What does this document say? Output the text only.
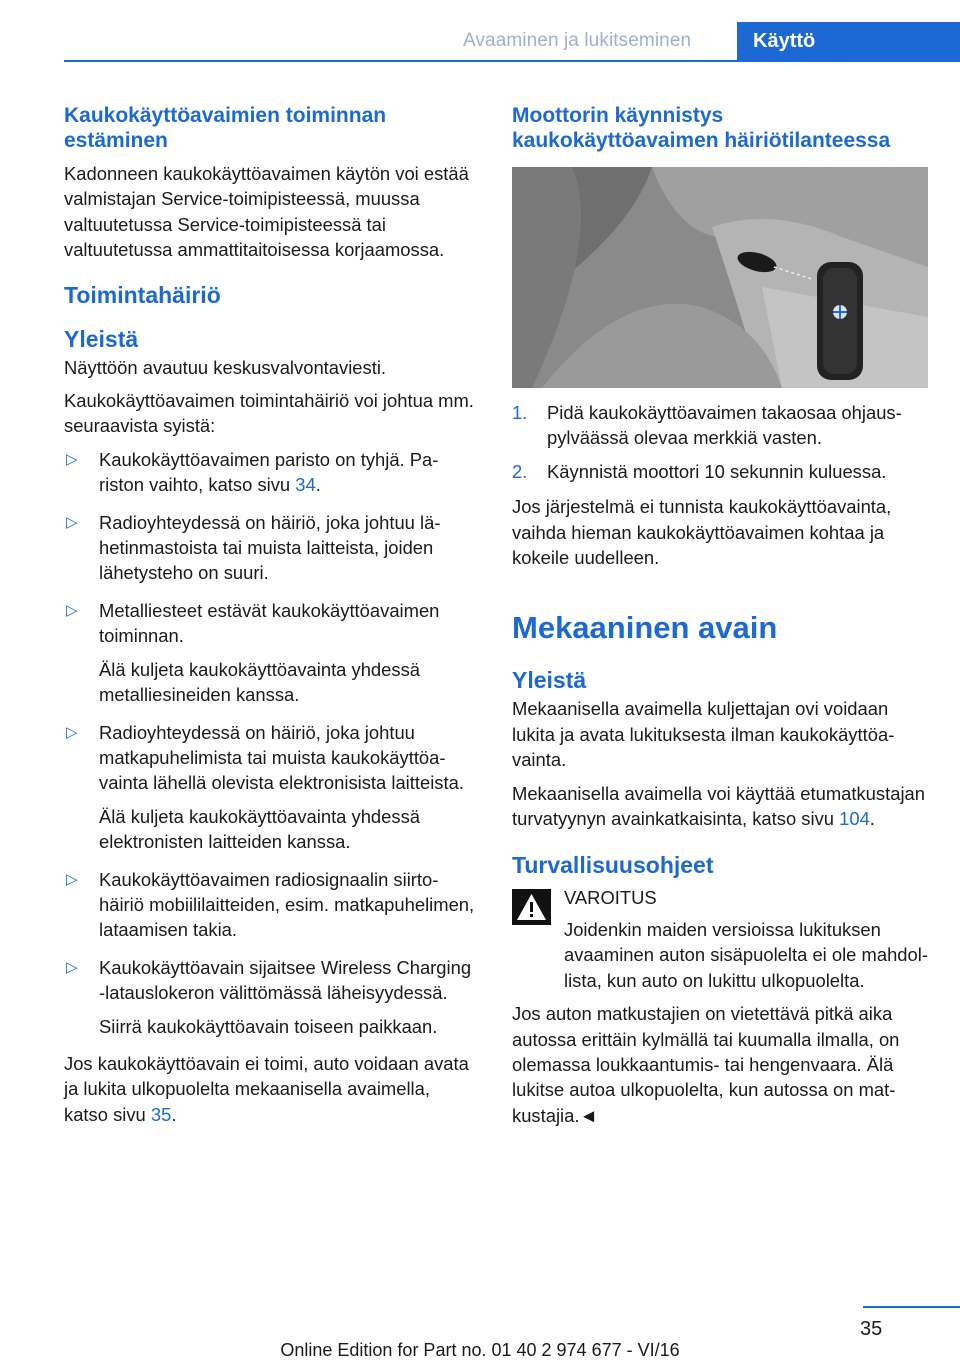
Avaaminen ja lukitseminen	Käyttö
Kaukokäyttöavaimien toiminnan estäminen

Kadonneen kaukokäyttöavaimen käytön voi estää valmistajan Service-toimipisteessä, muussa valtuutetussa Service-toimipisteessä tai valtuutetussa ammattitaitoisessa korjaamossa.

Toimintahäiriö
Yleistä

Näyttöön avautuu keskusvalvontaviesti.

Kaukokäyttöavaimen toimintahäiriö voi johtua mm. seuraavista syistä:

▷ Kaukokäyttöavaimen paristo on tyhjä. Pariston vaihto, katso sivu 34.
▷ Radioyhteydessä on häiriö, joka johtuu lähetinmastoista tai muista laitteista, joiden lähetysteho on suuri.
▷ Metalliesteet estävät kaukokäyttöavaimen toiminnan.
Älä kuljeta kaukokäyttöavainta yhdessä metalliesineiden kanssa.
▷ Radioyhteydessä on häiriö, joka johtuu matkapuhelimista tai muista kaukokäyttöavainta lähellä olevista elektronisista laitteista.
Älä kuljeta kaukokäyttöavainta yhdessä elektronisten laitteiden kanssa.
▷ Kaukokäyttöavaimen radiosignaalin siirtohäiriö mobiililaitteiden, esim. matkapuhelimen, lataamisen takia.
▷ Kaukokäyttöavain sijaitsee Wireless Charging -latauslokeron välittömässä läheisyydessä.
Siirrä kaukokäyttöavain toiseen paikkaan.

Jos kaukokäyttöavain ei toimi, auto voidaan avata ja lukita ulkopuolelta mekaanisella avaimella, katso sivu 35.

Moottorin käynnistys kaukokäyttöavaimen häiriötilanteessa
1. Pidä kaukokäyttöavaimen takaosaa ohjauspylväässä olevaa merkkiä vasten.
2. Käynnistä moottori 10 sekunnin kuluessa.

Jos järjestelmä ei tunnista kaukokäyttöavainta, vaihda hieman kaukokäyttöavaimen kohtaa ja kokeile uudelleen.

Mekaaninen avain
Yleistä

Mekaanisella avaimella kuljettajan ovi voidaan lukita ja avata lukituksesta ilman kaukokäyttöavainta.

Mekaanisella avaimella voi käyttää etumatkustajan turvatyynyn avainkatkaisinta, katso sivu 104.

Turvallisuusohjeet
VAROITUS

Joidenkin maiden versioissa lukituksen avaaminen auton sisäpuolelta ei ole mahdollista, kun auto on lukittu ulkopuolelta.

Jos auton matkustajien on vietettävä pitkä aika autossa erittäin kylmällä tai kuumalla ilmalla, on olemassa loukkaantumis- tai hengenvaara. Älä lukitse autoa ulkopuolelta, kun autossa on matkustajia.◄

35
Online Edition for Part no. 01 40 2 974 677 - VI/16
